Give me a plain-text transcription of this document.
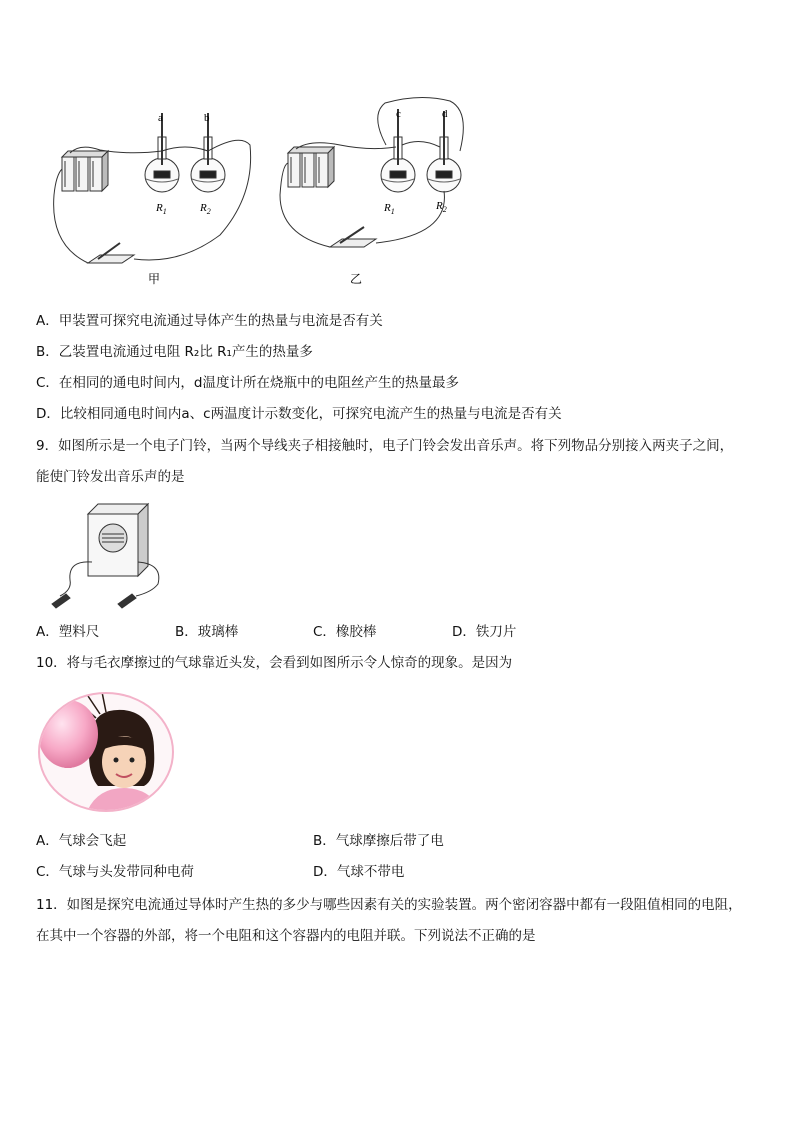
a	b
$R_1$	$R_2$
甲
c	d
$R_1$	$R_2$
乙
A．甲装置可探究电流通过导体产生的热量与电流是否有关
B．乙装置电流通过电阻 R₂比 R₁产生的热量多
C．在相同的通电时间内，d温度计所在烧瓶中的电阻丝产生的热量最多
D．比较相同通电时间内a、c两温度计示数变化，可探究电流产生的热量与电流是否有关
9．如图所示是一个电子门铃，当两个导线夹子相接触时，电子门铃会发出音乐声。将下列物品分别接入两夹子之间，
能使门铃发出音乐声的是
A．塑料尺	B．玻璃棒	C．橡胶棒	D．铁刀片
10．将与毛衣摩擦过的气球靠近头发，会看到如图所示令人惊奇的现象。是因为
A．气球会飞起	B．气球摩擦后带了电
C．气球与头发带同种电荷	D．气球不带电
11．如图是探究电流通过导体时产生热的多少与哪些因素有关的实验装置。两个密闭容器中都有一段阻值相同的电阻，
在其中一个容器的外部，将一个电阻和这个容器内的电阻并联。下列说法不正确的是
